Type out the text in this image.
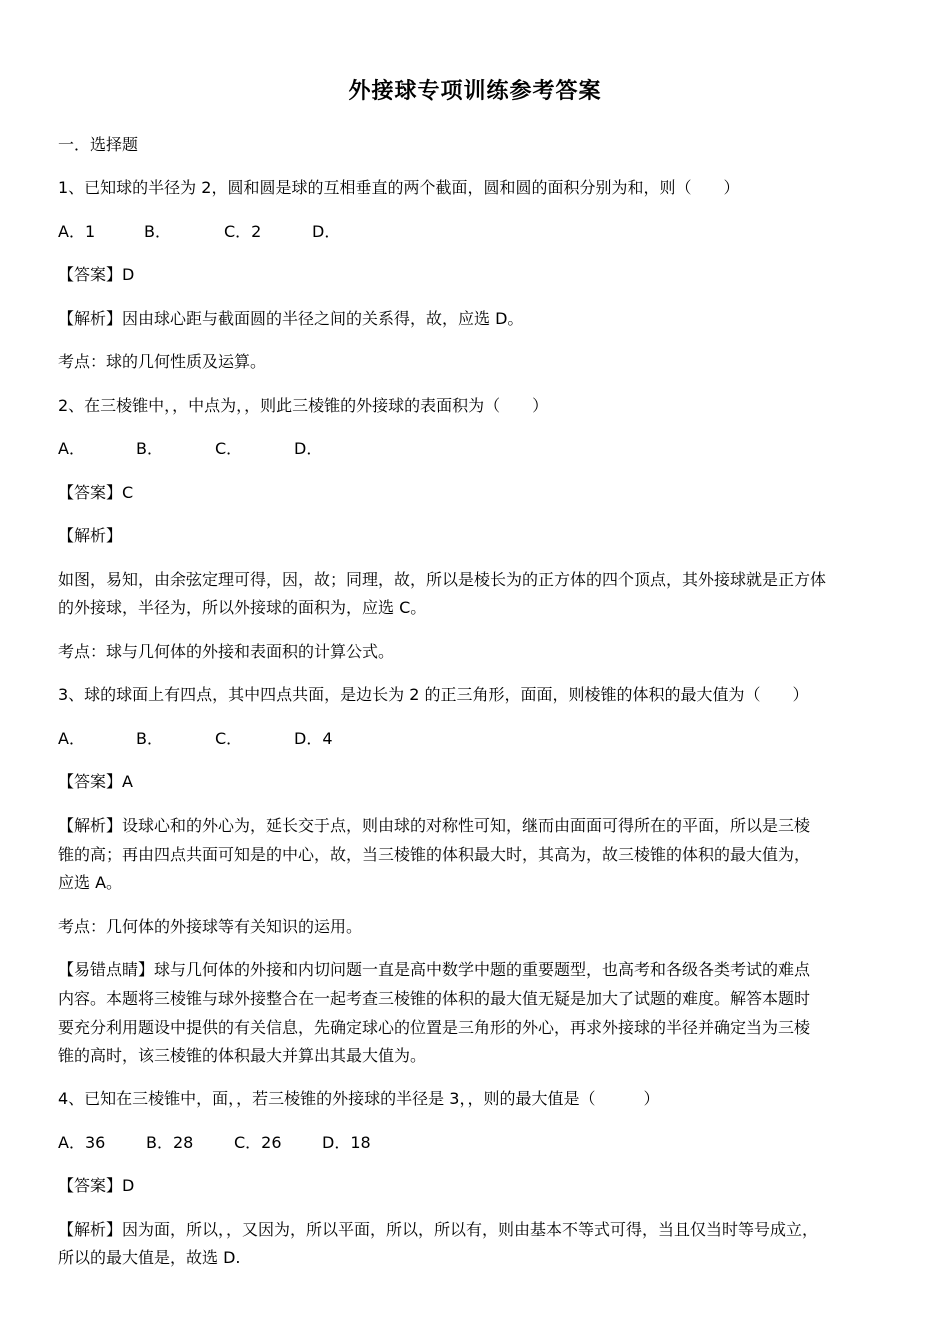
外接球专项训练参考答案
一．选择题
1、已知球的半径为 2，圆和圆是球的互相垂直的两个截面，圆和圆的面积分别为和，则（　　）
A．1	B．	C．2	D．
【答案】D
【解析】因由球心距与截面圆的半径之间的关系得，故，应选 D。
考点：球的几何性质及运算。
2、在三棱锥中，，中点为，，则此三棱锥的外接球的表面积为（　　）
A．	B．	C．	D．
【答案】C
【解析】
如图，易知，由余弦定理可得，因，故；同理，故，所以是棱长为的正方体的四个顶点，其外接球就是正方体
的外接球，半径为，所以外接球的面积为，应选 C。
考点：球与几何体的外接和表面积的计算公式。
3、球的球面上有四点，其中四点共面，是边长为 2 的正三角形，面面，则棱锥的体积的最大值为（　　）
A．	B．	C．	D．4
【答案】A
【解析】设球心和的外心为，延长交于点，则由球的对称性可知，继而由面面可得所在的平面，所以是三棱
锥的高；再由四点共面可知是的中心，故，当三棱锥的体积最大时，其高为，故三棱锥的体积的最大值为，
应选 A。
考点：几何体的外接球等有关知识的运用。
【易错点睛】球与几何体的外接和内切问题一直是高中数学中题的重要题型，也高考和各级各类考试的难点
内容。本题将三棱锥与球外接整合在一起考查三棱锥的体积的最大值无疑是加大了试题的难度。解答本题时
要充分利用题设中提供的有关信息，先确定球心的位置是三角形的外心，再求外接球的半径并确定当为三棱
锥的高时，该三棱锥的体积最大并算出其最大值为。
4、已知在三棱锥中，面，，若三棱锥的外接球的半径是 3，，则的最大值是（　　　）
A．36	B．28	C．26	D．18
【答案】D
【解析】因为面，所以，，又因为，所以平面，所以，所以有，则由基本不等式可得，当且仅当时等号成立，
所以的最大值是，故选 D.
